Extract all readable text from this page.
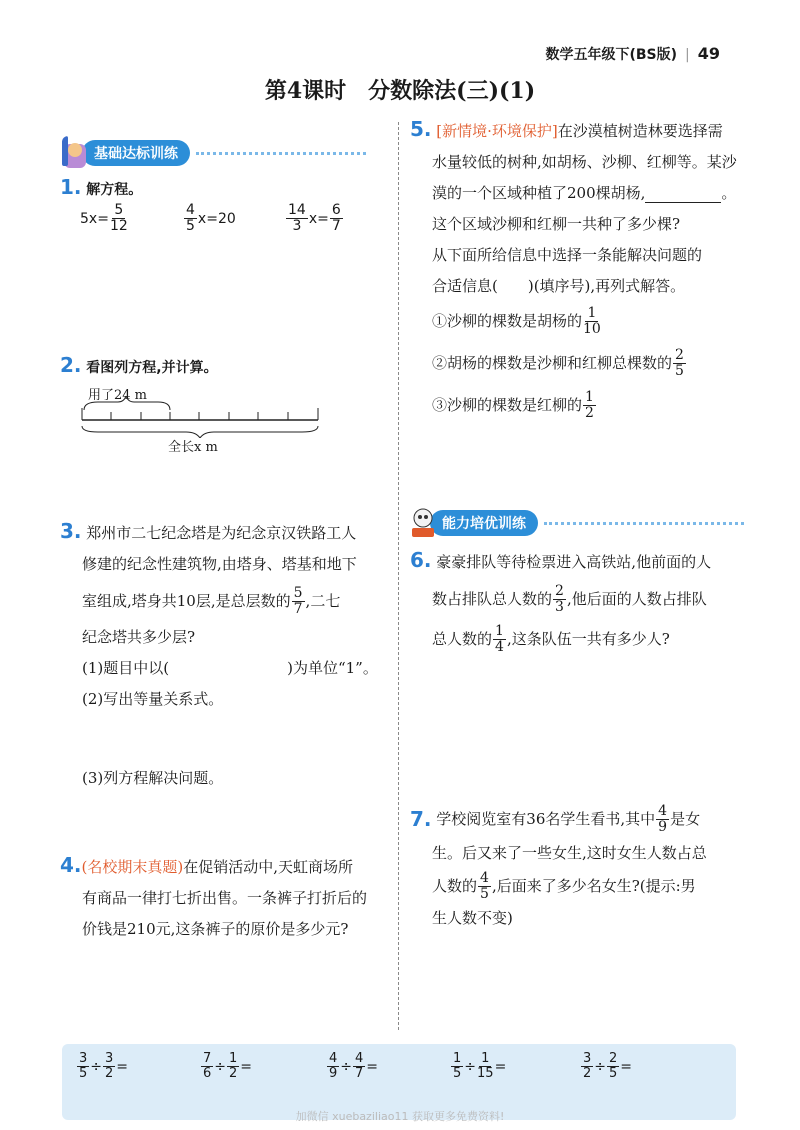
数学五年级下(BS版) | 49
第4课时　分数除法(三)(1)
基础达标训练
1. 解方程。
$5x= \frac{5}{12}$	$\frac{4}{5} x=20$	$\frac{14}{3} x= \frac{6}{7}$
2. 看图列方程,并计算。
用了24 m
全长x m
3. 郑州市二七纪念塔是为纪念京汉铁路工人
修建的纪念性建筑物,由塔身、塔基和地下
室组成,塔身共10层,是总层数的 $\frac{5}{7}$ ,二七
纪念塔共多少层?
(1)题目中以(	)为单位“1”。
(2)写出等量关系式。
(3)列方程解决问题。
4.(名校期末真题)在促销活动中,天虹商场所
有商品一律打七折出售。一条裤子打折后的
价钱是210元,这条裤子的原价是多少元?
5. [新情境·环境保护]在沙漠植树造林要选择需
水量较低的树种,如胡杨、沙柳、红柳等。某沙
漠的一个区域种植了200棵胡杨,	。
这个区域沙柳和红柳一共种了多少棵?
从下面所给信息中选择一条能解决问题的
合适信息(　　)(填序号),再列式解答。
①沙柳的棵数是胡杨的 $\frac{1}{10}$
②胡杨的棵数是沙柳和红柳总棵数的 $\frac{2}{5}$
③沙柳的棵数是红柳的 $\frac{1}{2}$
能力培优训练
6. 豪豪排队等待检票进入高铁站,他前面的人
数占排队总人数的 $\frac{2}{3}$ ,他后面的人数占排队
总人数的 $\frac{1}{4}$ ,这条队伍一共有多少人?
7.
学校阅览室有36名学生看书,其中 $\frac{4}{9}$ 是女
生。后又来了一些女生,这时女生人数占总
人数的 $\frac{4}{5}$ ,后面来了多少名女生?(提示:男
生人数不变)
$\frac{3}{5} \div \frac{3}{2}$ =	$\frac{7}{6} \div \frac{1}{2}$ =	$\frac{4}{9} \div \frac{4}{7}$ =	$\frac{1}{5} \div \frac{1}{15}$ =	$\frac{3}{2} \div \frac{2}{5}$ =
加微信 xuebaziliao11 获取更多免费资料!
